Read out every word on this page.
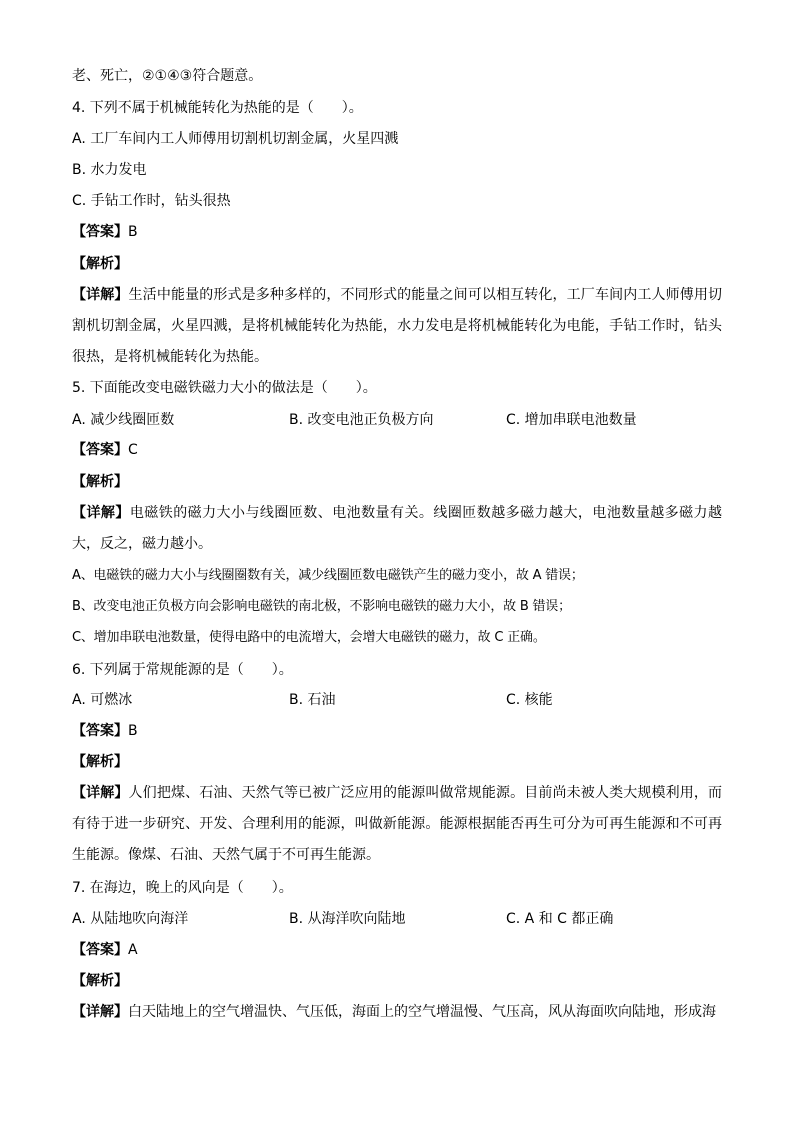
老、死亡，②①④③符合题意。
4. 下列不属于机械能转化为热能的是（　　）。
A. 工厂车间内工人师傅用切割机切割金属，火星四溅
B. 水力发电
C. 手钻工作时，钻头很热
【答案】B
【解析】
【详解】生活中能量的形式是多种多样的，不同形式的能量之间可以相互转化，工厂车间内工人师傅用切割机切割金属，火星四溅，是将机械能转化为热能，水力发电是将机械能转化为电能，手钻工作时，钻头很热，是将机械能转化为热能。
5. 下面能改变电磁铁磁力大小的做法是（　　）。
A. 减少线圈匝数	B. 改变电池正负极方向	C. 增加串联电池数量
【答案】C
【解析】
【详解】电磁铁的磁力大小与线圈匝数、电池数量有关。线圈匝数越多磁力越大，电池数量越多磁力越大，反之，磁力越小。
A、电磁铁的磁力大小与线圈圈数有关，减少线圈匝数电磁铁产生的磁力变小，故 A 错误；
B、改变电池正负极方向会影响电磁铁的南北极，不影响电磁铁的磁力大小，故 B 错误；
C、增加串联电池数量，使得电路中的电流增大，会增大电磁铁的磁力，故 C 正确。
6. 下列属于常规能源的是（　　）。
A. 可燃冰	B. 石油	C. 核能
【答案】B
【解析】
【详解】人们把煤、石油、天然气等已被广泛应用的能源叫做常规能源。目前尚未被人类大规模利用，而有待于进一步研究、开发、合理利用的能源，叫做新能源。能源根据能否再生可分为可再生能源和不可再生能源。像煤、石油、天然气属于不可再生能源。
7. 在海边，晚上的风向是（　　）。
A. 从陆地吹向海洋	B. 从海洋吹向陆地	C. A 和 C 都正确
【答案】A
【解析】
【详解】白天陆地上的空气增温快、气压低，海面上的空气增温慢、气压高，风从海面吹向陆地，形成海
